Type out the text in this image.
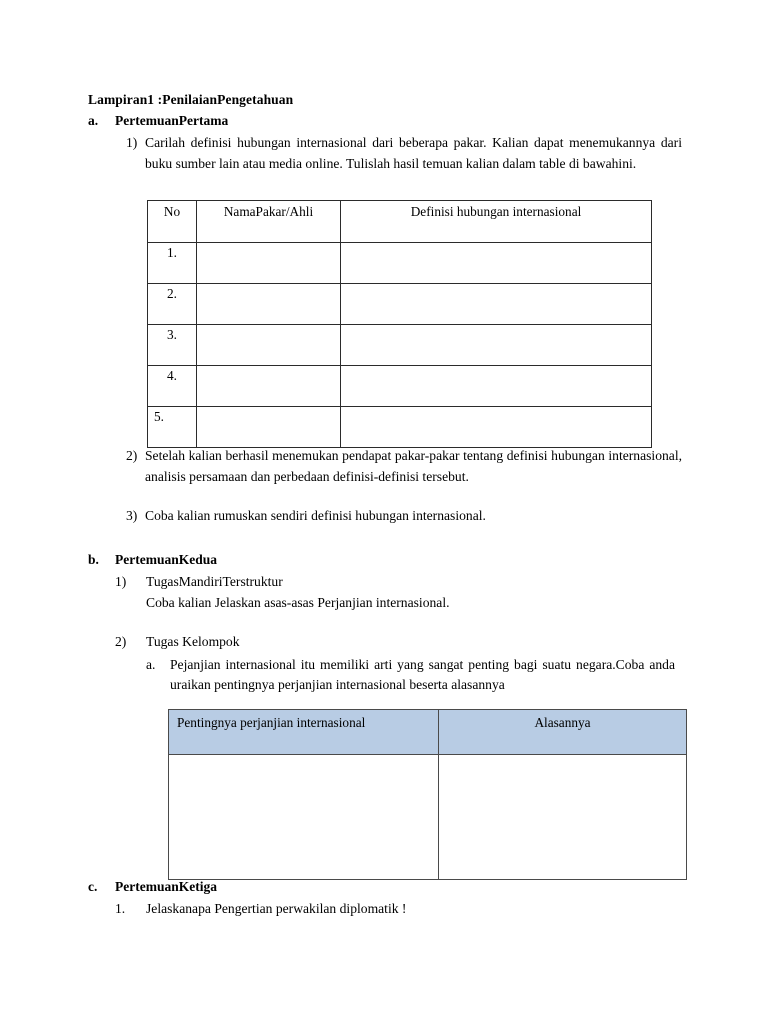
Lampiran1 :PenilaianPengetahuan
a. PertemuanPertama
1) Carilah definisi hubungan internasional dari beberapa pakar. Kalian dapat menemukannya dari buku sumber lain atau media online. Tulislah hasil temuan kalian dalam table di bawahini.
No	NamaPakar/Ahli	Definisi hubungan internasional
1.		
2.		
3.		
4.		
5.		
2) Setelah kalian berhasil menemukan pendapat pakar-pakar tentang definisi hubungan internasional, analisis persamaan dan perbedaan definisi-definisi tersebut.
3) Coba kalian rumuskan sendiri definisi hubungan internasional.
b. PertemuanKedua
1)	TugasMandiriTerstruktur
Coba kalian Jelaskan asas-asas Perjanjian internasional.
2)	Tugas Kelompok
a.	Pejanjian internasional itu memiliki arti yang sangat penting bagi suatu negara.Coba anda uraikan pentingnya perjanjian internasional beserta alasannya
Pentingnya perjanjian internasional	Alasannya

c. PertemuanKetiga
1.	Jelaskanapa Pengertian perwakilan diplomatik !
